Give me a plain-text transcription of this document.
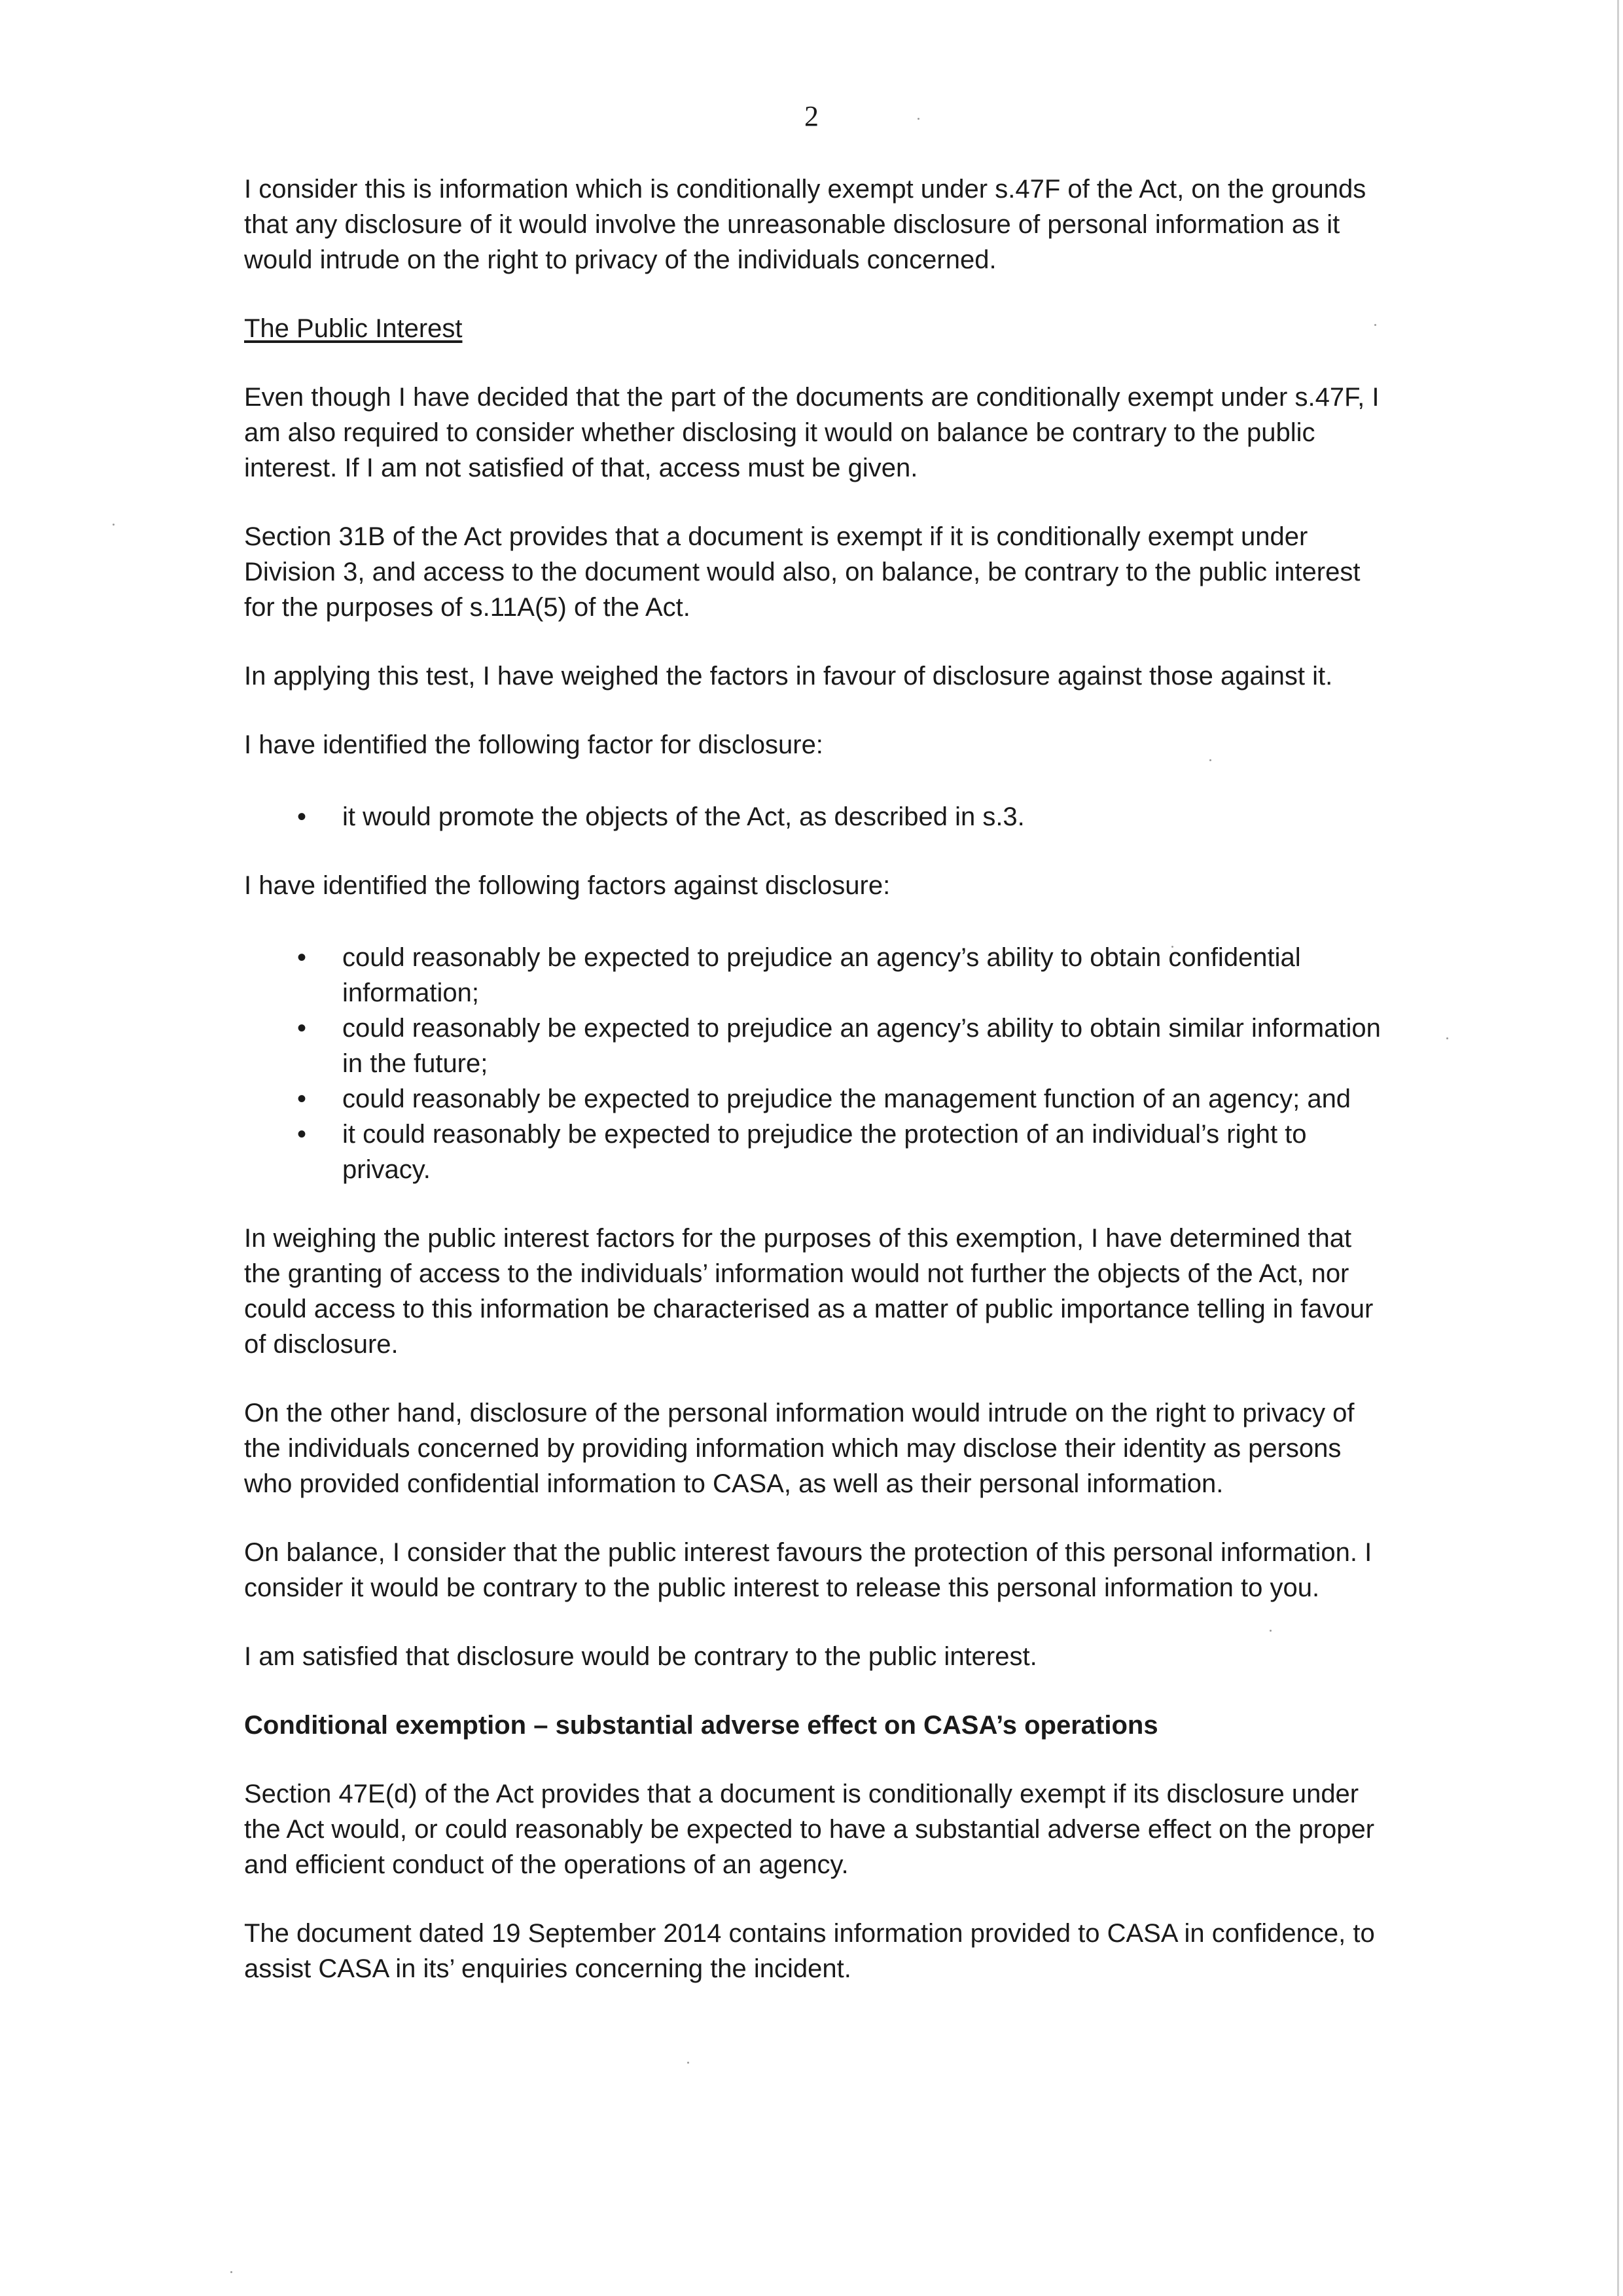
2

I consider this is information which is conditionally exempt under s.47F of the Act, on the grounds that any disclosure of it would involve the unreasonable disclosure of personal information as it would intrude on the right to privacy of the individuals concerned.

The Public Interest

Even though I have decided that the part of the documents are conditionally exempt under s.47F, I am also required to consider whether disclosing it would on balance be contrary to the public interest. If I am not satisfied of that, access must be given.

Section 31B of the Act provides that a document is exempt if it is conditionally exempt under Division 3, and access to the document would also, on balance, be contrary to the public interest for the purposes of s.11A(5) of the Act.

In applying this test, I have weighed the factors in favour of disclosure against those against it.

I have identified the following factor for disclosure:

• it would promote the objects of the Act, as described in s.3.

I have identified the following factors against disclosure:

• could reasonably be expected to prejudice an agency’s ability to obtain confidential information;
• could reasonably be expected to prejudice an agency’s ability to obtain similar information in the future;
• could reasonably be expected to prejudice the management function of an agency; and
• it could reasonably be expected to prejudice the protection of an individual’s right to privacy.

In weighing the public interest factors for the purposes of this exemption, I have determined that the granting of access to the individuals’ information would not further the objects of the Act, nor could access to this information be characterised as a matter of public importance telling in favour of disclosure.

On the other hand, disclosure of the personal information would intrude on the right to privacy of the individuals concerned by providing information which may disclose their identity as persons who provided confidential information to CASA, as well as their personal information.

On balance, I consider that the public interest favours the protection of this personal information. I consider it would be contrary to the public interest to release this personal information to you.

I am satisfied that disclosure would be contrary to the public interest.

Conditional exemption – substantial adverse effect on CASA’s operations

Section 47E(d) of the Act provides that a document is conditionally exempt if its disclosure under the Act would, or could reasonably be expected to have a substantial adverse effect on the proper and efficient conduct of the operations of an agency.

The document dated 19 September 2014 contains information provided to CASA in confidence, to assist CASA in its’ enquiries concerning the incident.
